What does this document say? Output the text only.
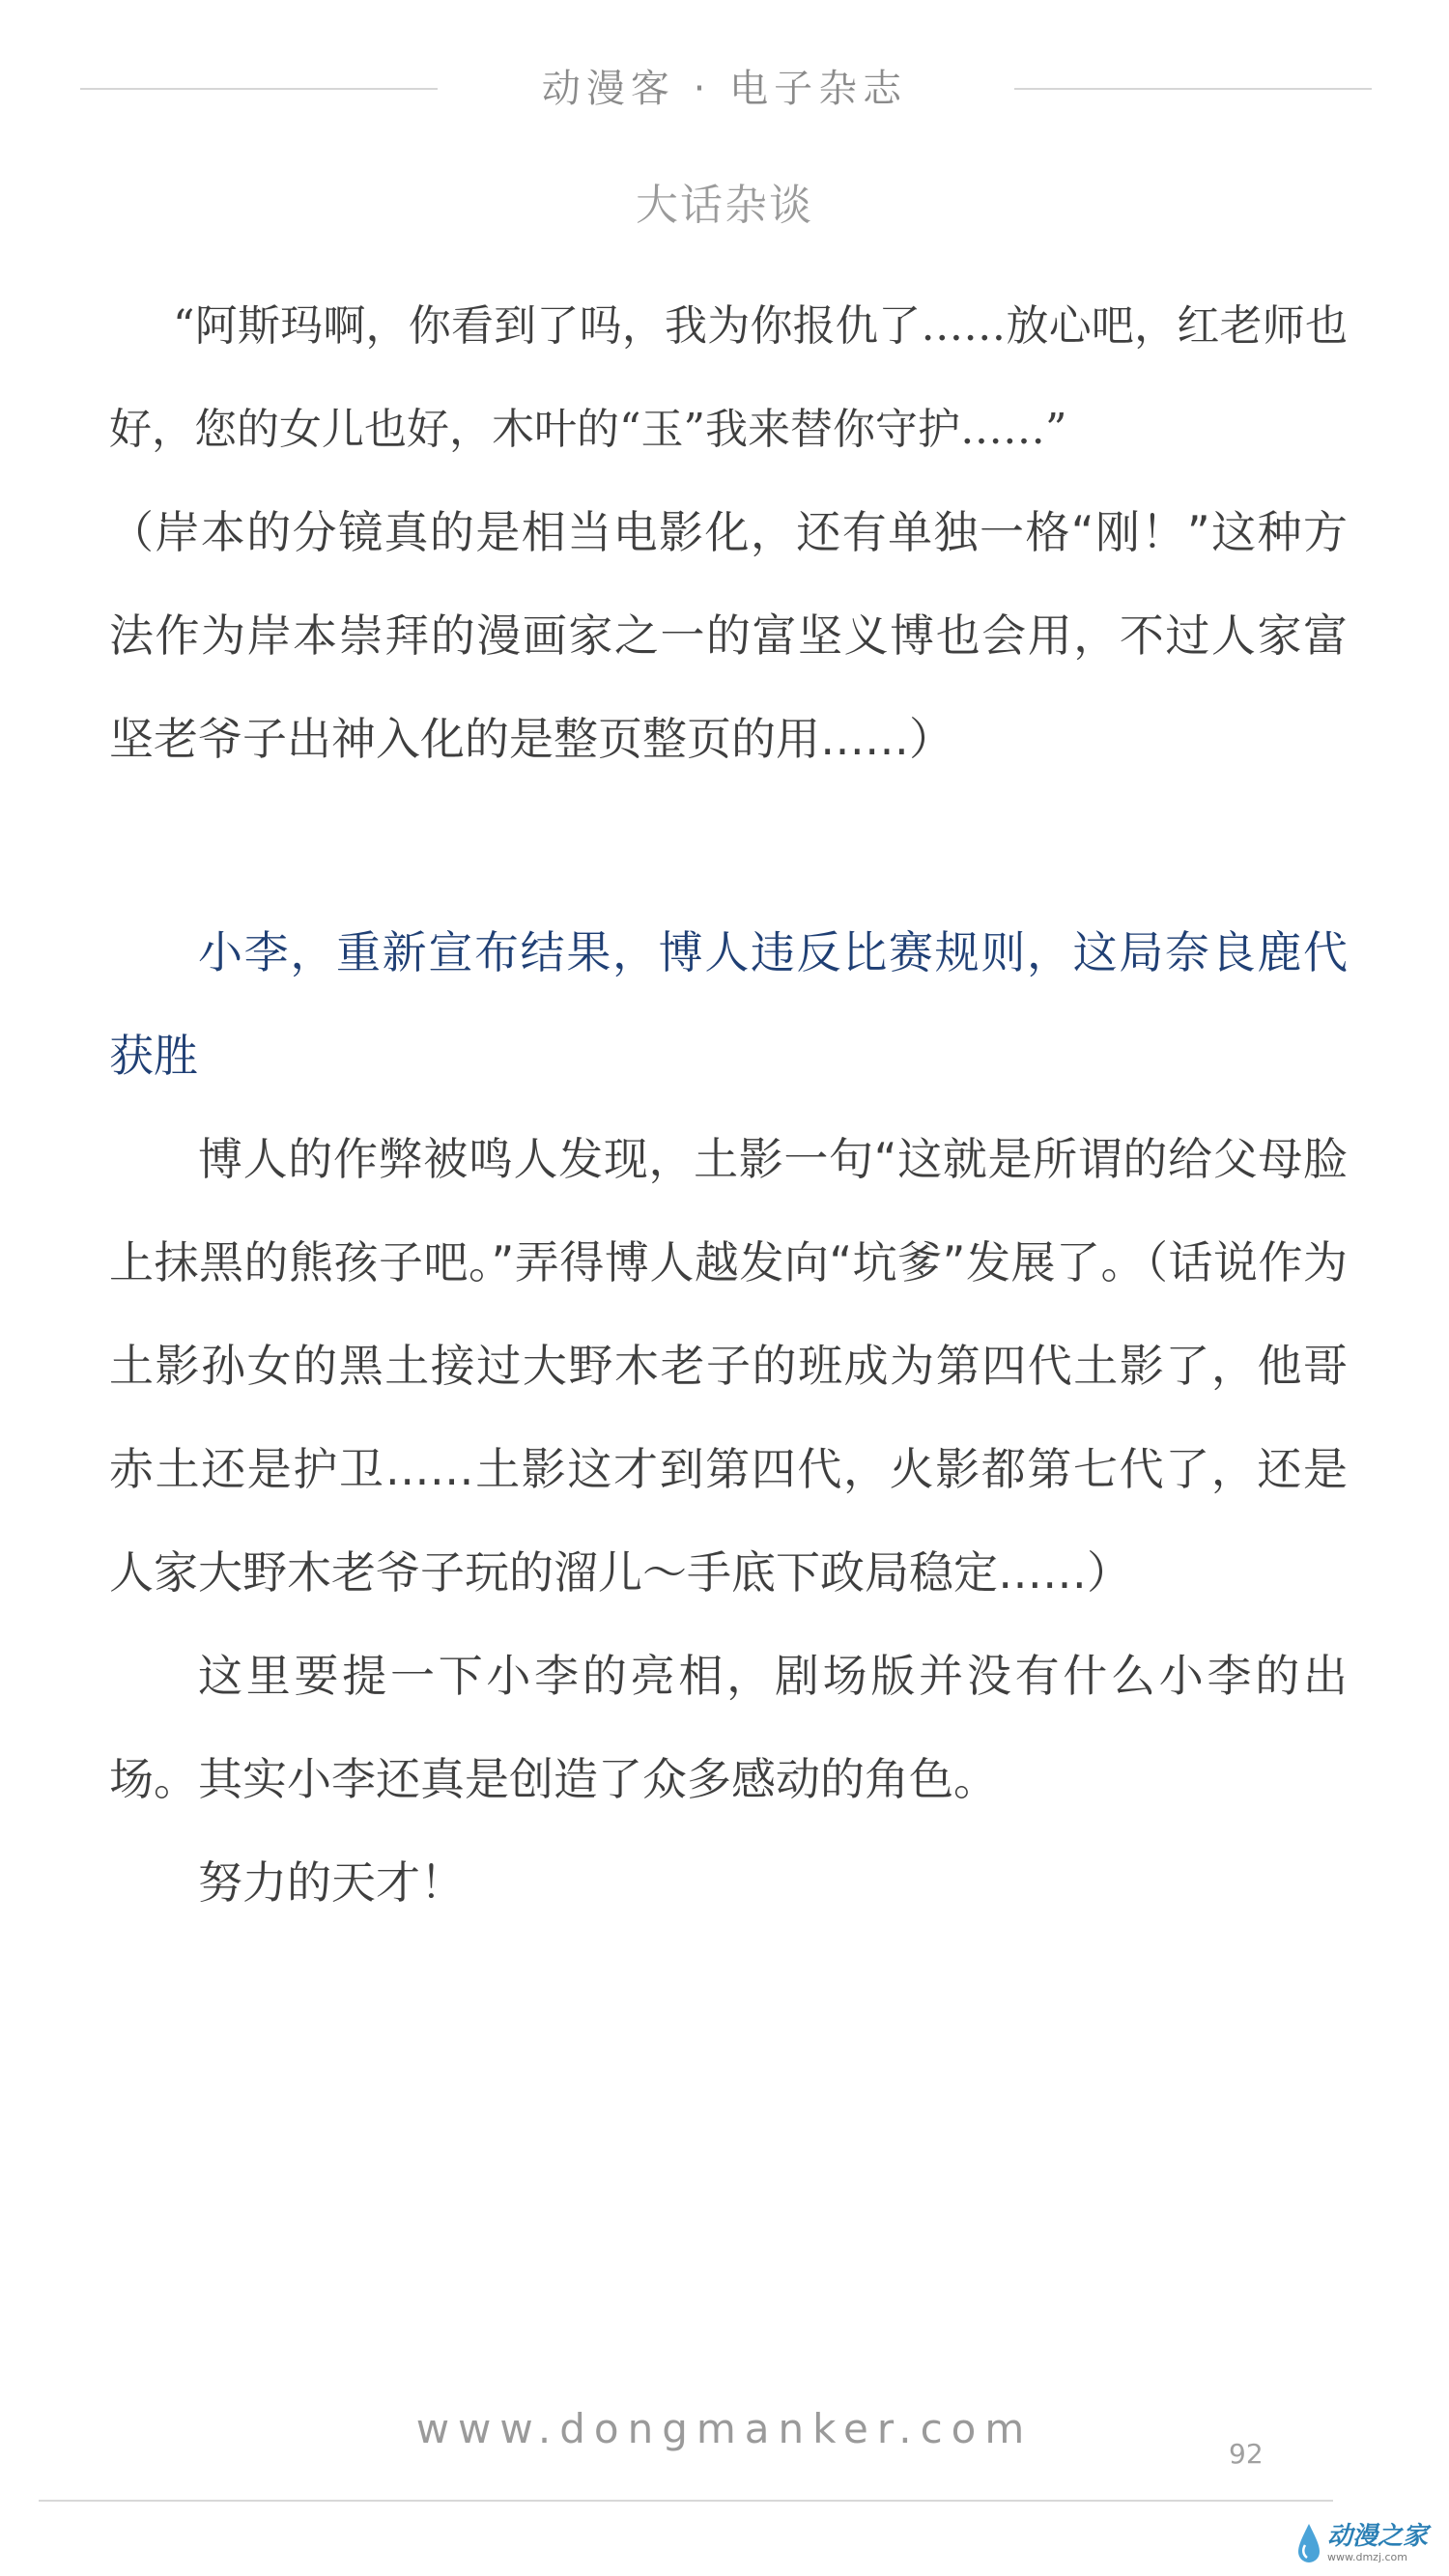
动漫客 · 电子杂志
大话杂谈

“阿斯玛啊，你看到了吗，我为你报仇了……放心吧，红老师也好，您的女儿也好，木叶的“玉”我来替你守护……”

（岸本的分镜真的是相当电影化，还有单独一格“刚！”这种方法作为岸本崇拜的漫画家之一的富坚义博也会用，不过人家富坚老爷子出神入化的是整页整页的用……）

小李，重新宣布结果，博人违反比赛规则，这局奈良鹿代获胜

博人的作弊被鸣人发现，土影一句“这就是所谓的给父母脸上抹黑的熊孩子吧。”弄得博人越发向“坑爹”发展了。（话说作为土影孙女的黑土接过大野木老子的班成为第四代土影了，他哥赤土还是护卫……土影这才到第四代，火影都第七代了，还是人家大野木老爷子玩的溜儿～手底下政局稳定……）

这里要提一下小李的亮相，剧场版并没有什么小李的出场。其实小李还真是创造了众多感动的角色。

努力的天才！

www.dongmanker.com
92
动漫之家
www.dmzj.com
